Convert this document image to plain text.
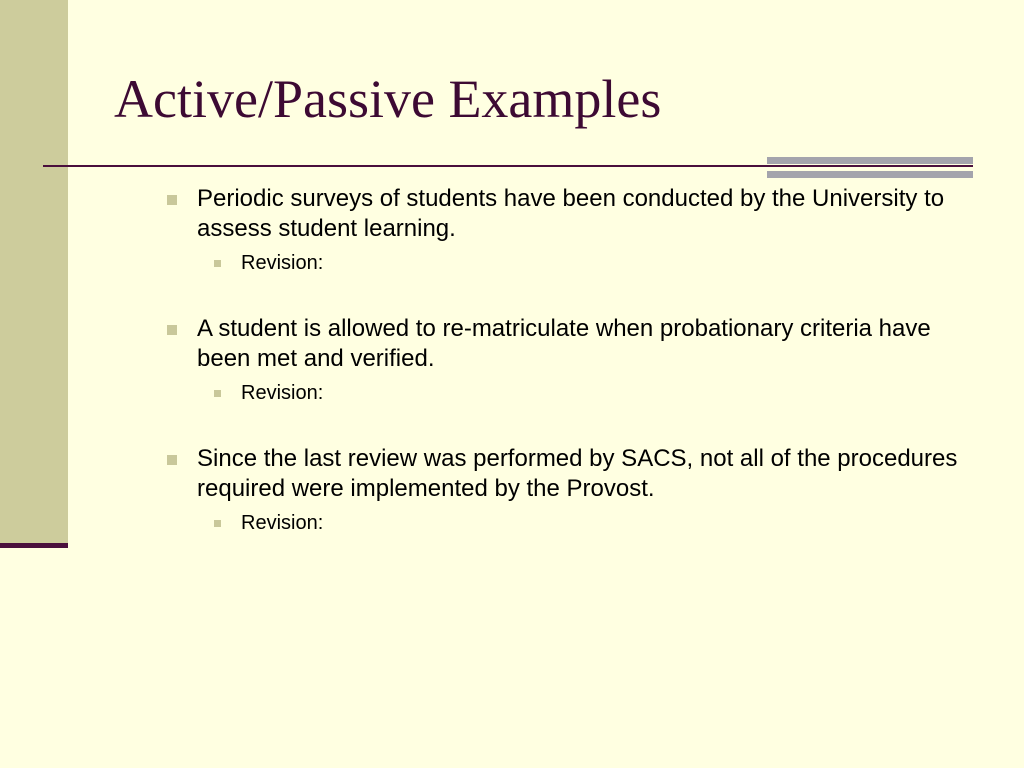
Active/Passive Examples
Periodic surveys of students have been conducted by the University to assess student learning.
Revision:
A student is allowed to re-matriculate when probationary criteria have been met and verified.
Revision:
Since the last review was performed by SACS, not all of the procedures required were implemented by the Provost.
Revision:
